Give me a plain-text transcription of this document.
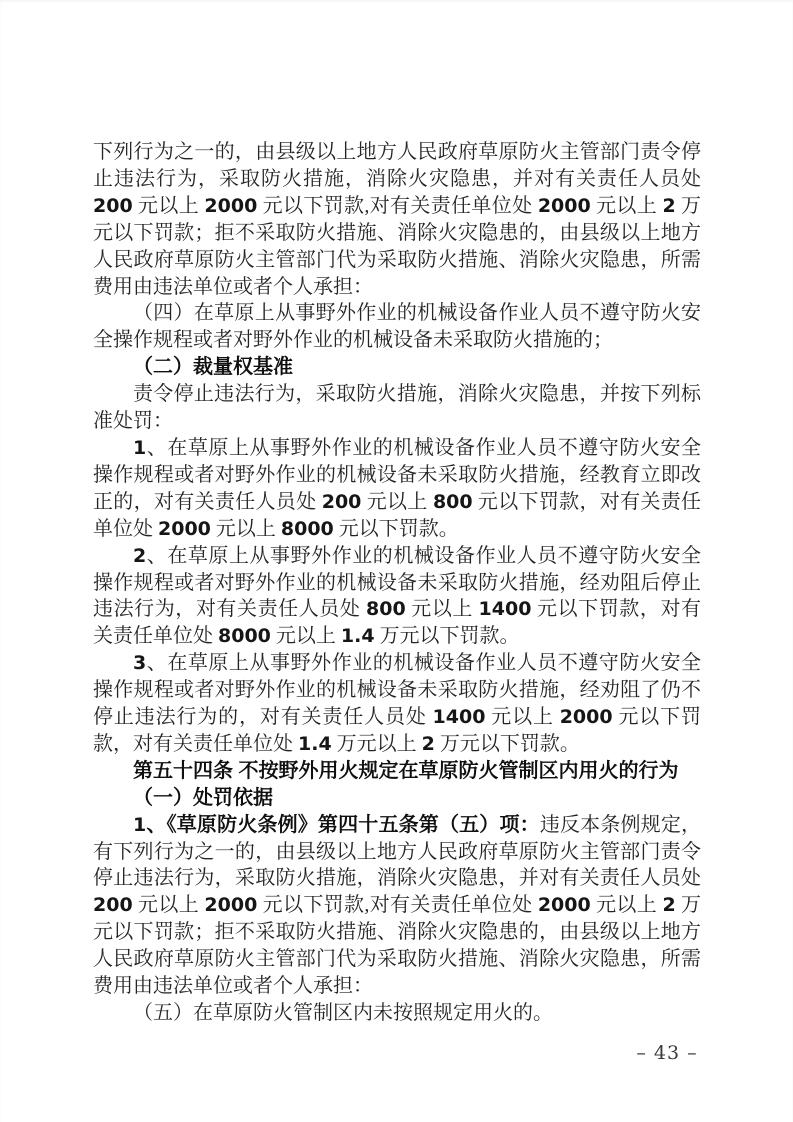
下列行为之一的，由县级以上地方人民政府草原防火主管部门责令停止违法行为，采取防火措施，消除火灾隐患，并对有关责任人员处 200 元以上 2000 元以下罚款,对有关责任单位处 2000 元以上 2 万元以下罚款；拒不采取防火措施、消除火灾隐患的，由县级以上地方人民政府草原防火主管部门代为采取防火措施、消除火灾隐患，所需费用由违法单位或者个人承担：

（四）在草原上从事野外作业的机械设备作业人员不遵守防火安全操作规程或者对野外作业的机械设备未采取防火措施的；

（二）裁量权基准

责令停止违法行为，采取防火措施，消除火灾隐患，并按下列标准处罚：

1、在草原上从事野外作业的机械设备作业人员不遵守防火安全操作规程或者对野外作业的机械设备未采取防火措施，经教育立即改正的，对有关责任人员处 200 元以上 800 元以下罚款，对有关责任单位处 2000 元以上 8000 元以下罚款。

2、在草原上从事野外作业的机械设备作业人员不遵守防火安全操作规程或者对野外作业的机械设备未采取防火措施，经劝阻后停止违法行为，对有关责任人员处 800 元以上 1400 元以下罚款，对有关责任单位处 8000 元以上 1.4 万元以下罚款。

3、在草原上从事野外作业的机械设备作业人员不遵守防火安全操作规程或者对野外作业的机械设备未采取防火措施，经劝阻了仍不停止违法行为的，对有关责任人员处 1400 元以上 2000 元以下罚款，对有关责任单位处 1.4 万元以上 2 万元以下罚款。

第五十四条 不按野外用火规定在草原防火管制区内用火的行为

（一）处罚依据

1、《草原防火条例》第四十五条第（五）项：违反本条例规定，有下列行为之一的，由县级以上地方人民政府草原防火主管部门责令停止违法行为，采取防火措施，消除火灾隐患，并对有关责任人员处 200 元以上 2000 元以下罚款,对有关责任单位处 2000 元以上 2 万元以下罚款；拒不采取防火措施、消除火灾隐患的，由县级以上地方人民政府草原防火主管部门代为采取防火措施、消除火灾隐患，所需费用由违法单位或者个人承担：

（五）在草原防火管制区内未按照规定用火的。

– 43 –
